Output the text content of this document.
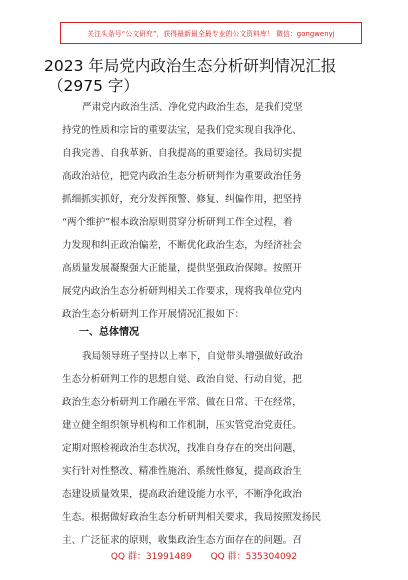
关注头条号“公文研究”，获得最新最全最专业的公文资料库！ 微信：gongwenyj
2023 年局党内政治生态分析研判情况汇报
（2975 字）
严肃党内政治生活、净化党内政治生态，是我们党坚
持党的性质和宗旨的重要法宝，是我们党实现自我净化、
自我完善、自我革新、自我提高的重要途径。我局切实提
高政治站位，把党内政治生态分析研判作为重要政治任务
抓细抓实抓好，充分发挥预警、修复、纠偏作用，把坚持
“两个维护”根本政治原则贯穿分析研判工作全过程，着
力发现和纠正政治偏差，不断优化政治生态，为经济社会
高质量发展凝聚强大正能量，提供坚强政治保障。按照开
展党内政治生态分析研判相关工作要求，现将我单位党内
政治生态分析研判工作开展情况汇报如下：
一、总体情况
我局领导班子坚持以上率下，自觉带头增强做好政治
生态分析研判工作的思想自觉、政治自觉、行动自觉，把
政治生态分析研判工作融在平常、做在日常、干在经常，
建立健全组织领导机构和工作机制，压实管党治党责任。
定期对照检视政治生态状况，找准自身存在的突出问题，
实行针对性整改、精准性施治、系统性修复，提高政治生
态建设质量效果，提高政治建设能力水平，不断净化政治
生态。根据做好政治生态分析研判相关要求，我局按照发扬民
主、广泛征求的原则，收集政治生态方面存在的问题。召
QQ 群：31991489 QQ 群：535304092
